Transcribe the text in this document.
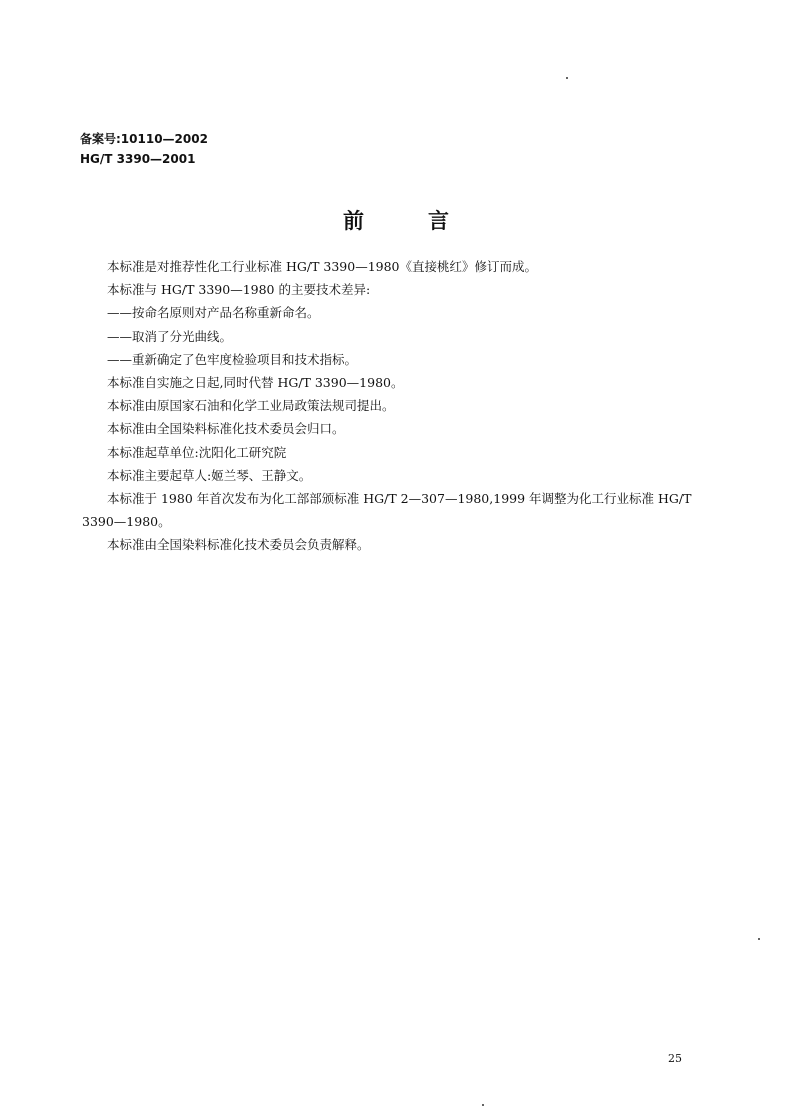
备案号:10110—2002
HG/T 3390—2001
前言

本标准是对推荐性化工行业标准 HG/T 3390—1980《直接桃红》修订而成。

本标准与 HG/T 3390—1980 的主要技术差异:

——按命名原则对产品名称重新命名。

——取消了分光曲线。

——重新确定了色牢度检验项目和技术指标。

本标准自实施之日起,同时代替 HG/T 3390—1980。

本标准由原国家石油和化学工业局政策法规司提出。

本标准由全国染料标准化技术委员会归口。

本标准起草单位:沈阳化工研究院

本标准主要起草人:姬兰琴、王静文。

本标准于 1980 年首次发布为化工部部颁标准 HG/T 2—307—1980,1999 年调整为化工行业标准 HG/T 3390—1980。

本标准由全国染料标准化技术委员会负责解释。

25
